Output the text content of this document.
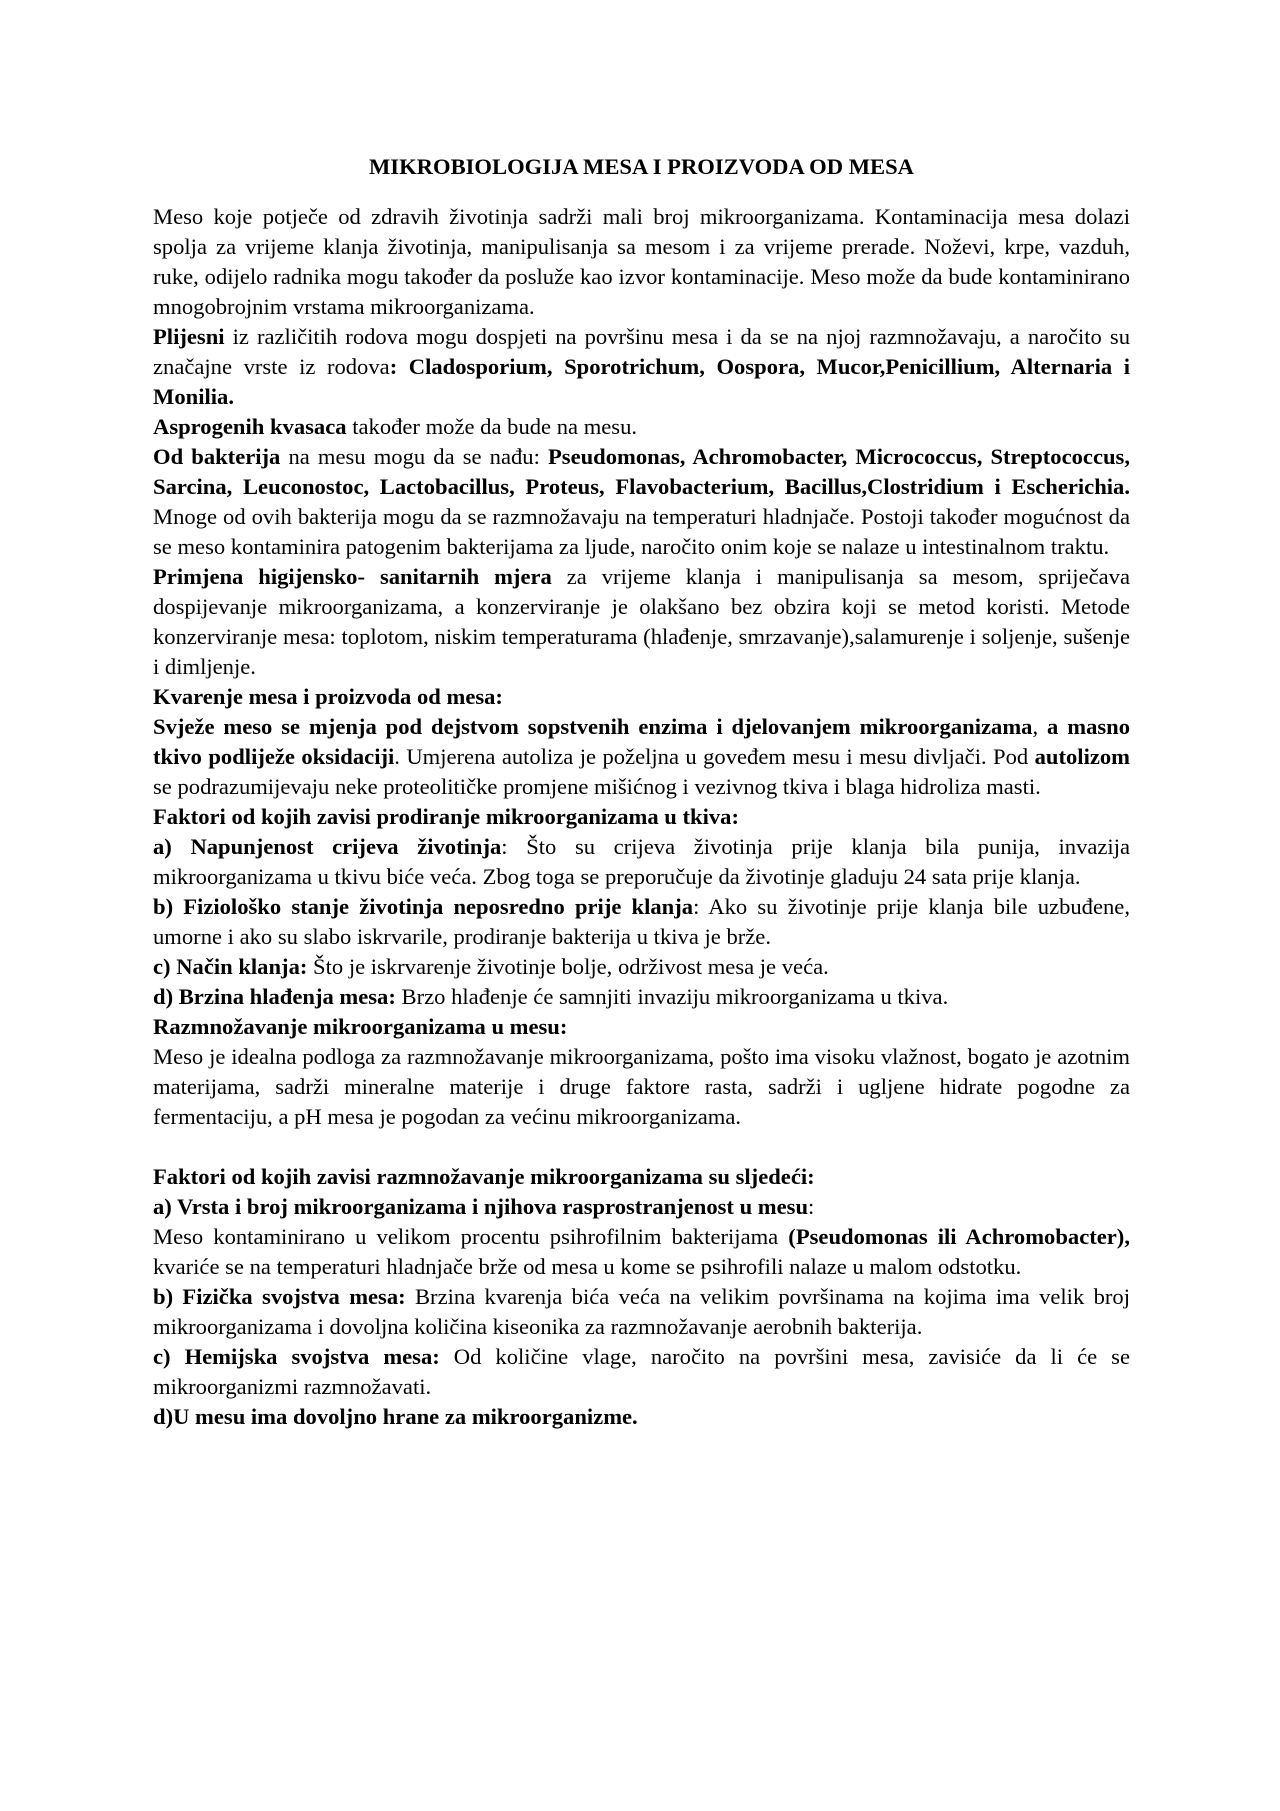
MIKROBIOLOGIJA MESA I PROIZVODA OD MESA
Meso koje potječe od zdravih životinja sadrži mali broj mikroorganizama. Kontaminacija mesa dolazi spolja za vrijeme klanja životinja, manipulisanja sa mesom i za vrijeme prerade. Noževi, krpe, vazduh, ruke, odijelo radnika mogu također da posluže kao izvor kontaminacije. Meso može da bude kontaminirano mnogobrojnim vrstama mikroorganizama.
Plijesni iz različitih rodova mogu dospjeti na površinu mesa i da se na njoj razmnožavaju, a naročito su značajne vrste iz rodova: Cladosporium, Sporotrichum, Oospora, Mucor,Penicillium, Alternaria i Monilia.
Asprogenih kvasaca također može da bude na mesu.
Od bakterija na mesu mogu da se nađu: Pseudomonas, Achromobacter, Micrococcus, Streptococcus, Sarcina, Leuconostoc, Lactobacillus, Proteus, Flavobacterium, Bacillus,Clostridium i Escherichia. Mnoge od ovih bakterija mogu da se razmnožavaju na temperaturi hladnjače. Postoji također mogućnost da se meso kontaminira patogenim bakterijama za ljude, naročito onim koje se nalaze u intestinalnom traktu.
Primjena higijensko- sanitarnih mjera za vrijeme klanja i manipulisanja sa mesom, spriječava dospijevanje mikroorganizama, a konzerviranje je olakšano bez obzira koji se metod koristi. Metode konzerviranje mesa: toplotom, niskim temperaturama (hlađenje, smrzavanje),salamurenje i soljenje, sušenje i dimljenje.
Kvarenje mesa i proizvoda od mesa:
Svježe meso se mjenja pod dejstvom sopstvenih enzima i djelovanjem mikroorganizama, a masno tkivo podliježe oksidaciji. Umjerena autoliza je poželjna u goveđem mesu i mesu divljači. Pod autolizom se podrazumijevaju neke proteolitičke promjene mišićnog i vezivnog tkiva i blaga hidroliza masti.
Faktori od kojih zavisi prodiranje mikroorganizama u tkiva:
a) Napunjenost crijeva životinja: Što su crijeva životinja prije klanja bila punija, invazija mikroorganizama u tkivu biće veća. Zbog toga se preporučuje da životinje gladuju 24 sata prije klanja.
b) Fiziološko stanje životinja neposredno prije klanja: Ako su životinje prije klanja bile uzbuđene, umorne i ako su slabo iskrvarile, prodiranje bakterija u tkiva je brže.
c) Način klanja: Što je iskrvarenje životinje bolje, održivost mesa je veća.
d) Brzina hlađenja mesa: Brzo hlađenje će samnjiti invaziju mikroorganizama u tkiva.
Razmnožavanje mikroorganizama u mesu:
Meso je idealna podloga za razmnožavanje mikroorganizama, pošto ima visoku vlažnost, bogato je azotnim materijama, sadrži mineralne materije i druge faktore rasta, sadrži i ugljene hidrate pogodne za fermentaciju, a pH mesa je pogodan za većinu mikroorganizama.
Faktori od kojih zavisi razmnožavanje mikroorganizama su sljedeći:
a) Vrsta i broj mikroorganizama i njihova rasprostranjenost u mesu:
Meso kontaminirano u velikom procentu psihrofilnim bakterijama (Pseudomonas ili Achromobacter), kvariće se na temperaturi hladnjače brže od mesa u kome se psihrofili nalaze u malom odstotku.
b) Fizička svojstva mesa: Brzina kvarenja bića veća na velikim površinama na kojima ima velik broj mikroorganizama i dovoljna količina kiseonika za razmnožavanje aerobnih bakterija.
c) Hemijska svojstva mesa: Od količine vlage, naročito na površini mesa, zavisiće da li će se mikroorganizmi razmnožavati.
d)U mesu ima dovoljno hrane za mikroorganizme.
